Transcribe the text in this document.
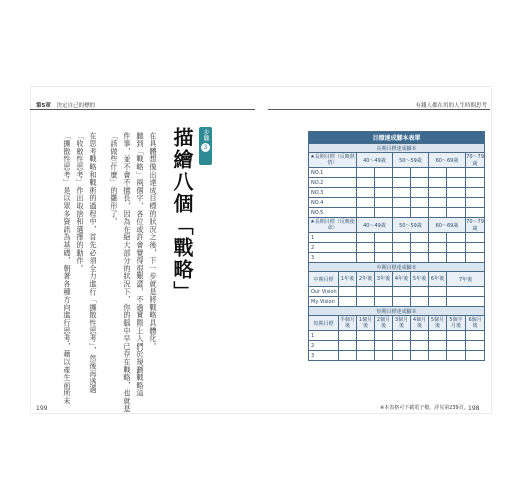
第5章 決定自己的標的	有錢人都在用的人生時間思考
在具體想像出達成目標的狀況之後，下一步就是將戰略具體化。
聽到「戰略」兩個字，各位或許會覺得很艱澀，不過實際上人們於規劃戰略這
件事，並不會不擅長，因為在絕大部分的狀況下，你的腦中早已存在戰略，也就是
「該做些什麼」的雛形了。
在思考戰略和戰術的過程中，首先必須全力進行「擴散性思考」，然後再透過
「收斂性思考」作出取捨和選擇的動作。
「擴散性思考」是以眾多資訊為基礎，朝著各種方向進行思考，藉以產生前所未	描繪八個「戰略」	步驟
3
目標達成腳本表單								
長期目標達成腳本								
★長期目標（反映熱情）		40〜49歲		50〜59歲		60〜69歲		70〜79歲
NO.1								
NO.2								
NO.3								
NO.4								
NO.5								
★長期目標（反映使命）		40〜49歲		50〜59歲		60〜69歲		70〜79歲
1								
2								
3								
中期目標達成腳本								
中期目標	1年後	2年後	3年後	4年後	5年後	6年後	7年後	
Our Vision								
My Vision								
短期目標達成腳本								
短期目標	半個月後	1個月後	2個月後	3個月後	4個月後	5個月後	5個半月後	6個月後
1								
2								
3								
※本表格可下載電子檔，詳見第239頁。
199	198
